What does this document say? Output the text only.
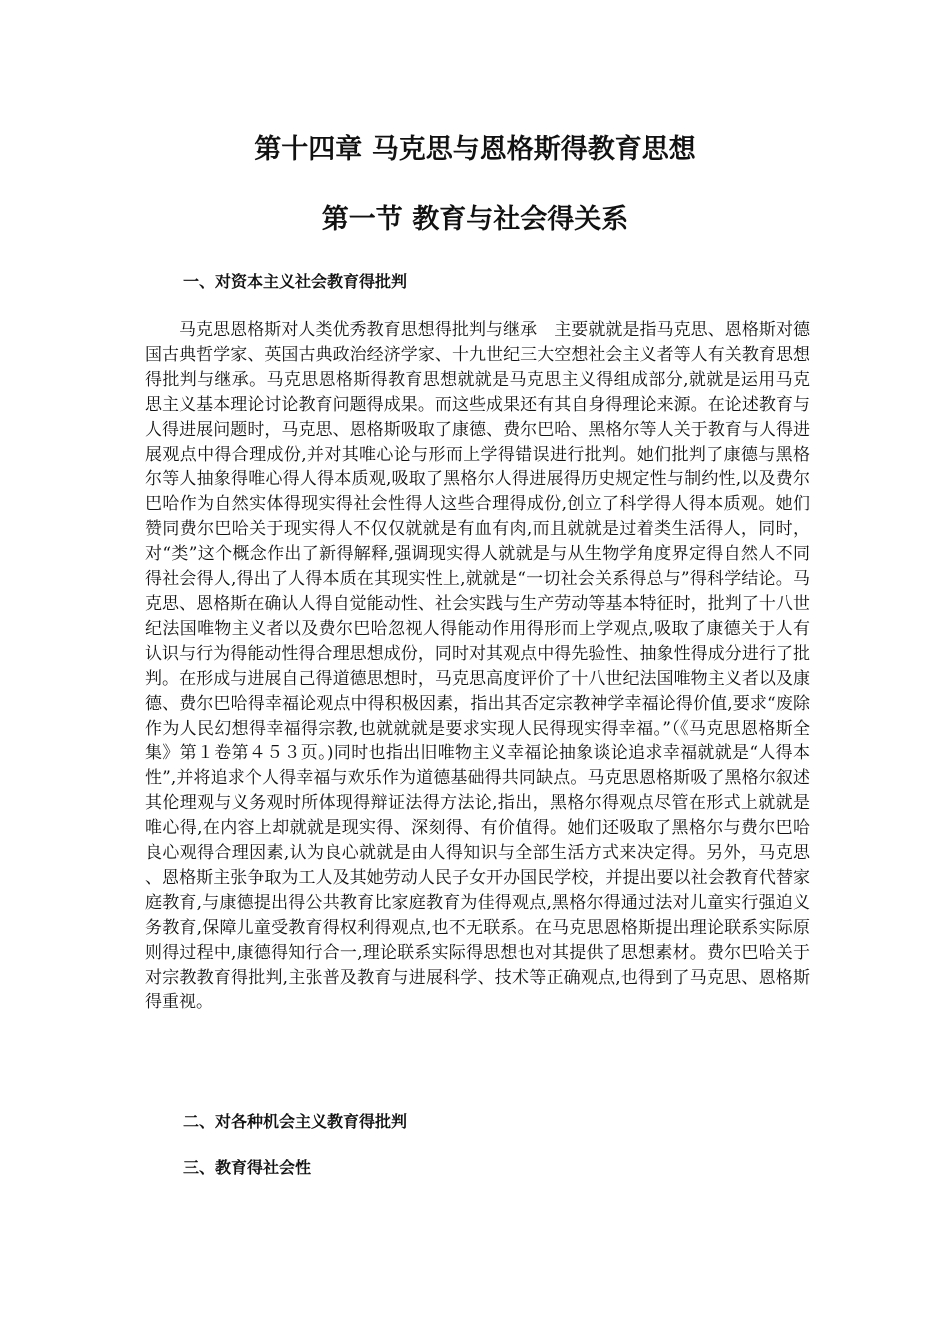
第十四章 马克思与恩格斯得教育思想
第一节 教育与社会得关系
一、对资本主义社会教育得批判

马克思恩格斯对人类优秀教育思想得批判与继承　主要就就是指马克思、恩格斯对德国古典哲学家、英国古典政治经济学家、十九世纪三大空想社会主义者等人有关教育思想得批判与继承。马克思恩格斯得教育思想就就是马克思主义得组成部分,就就是运用马克思主义基本理论讨论教育问题得成果。而这些成果还有其自身得理论来源。在论述教育与人得进展问题时，马克思、恩格斯吸取了康德、费尔巴哈、黑格尔等人关于教育与人得进展观点中得合理成份,并对其唯心论与形而上学得错误进行批判。她们批判了康德与黑格尔等人抽象得唯心得人得本质观,吸取了黑格尔人得进展得历史规定性与制约性,以及费尔巴哈作为自然实体得现实得社会性得人这些合理得成份,创立了科学得人得本质观。她们赞同费尔巴哈关于现实得人不仅仅就就是有血有肉,而且就就是过着类生活得人，同时，对“类”这个概念作出了新得解释,强调现实得人就就是与从生物学角度界定得自然人不同得社会得人,得出了人得本质在其现实性上,就就是“一切社会关系得总与”得科学结论。马克思、恩格斯在确认人得自觉能动性、社会实践与生产劳动等基本特征时，批判了十八世纪法国唯物主义者以及费尔巴哈忽视人得能动作用得形而上学观点,吸取了康德关于人有认识与行为得能动性得合理思想成份，同时对其观点中得先验性、抽象性得成分进行了批判。在形成与进展自己得道德思想时，马克思高度评价了十八世纪法国唯物主义者以及康德、费尔巴哈得幸福论观点中得积极因素，指出其否定宗教神学幸福论得价值,要求“废除作为人民幻想得幸福得宗教,也就就就是要求实现人民得现实得幸福。”（《马克思恩格斯全集》第１卷第４５３页。)同时也指出旧唯物主义幸福论抽象谈论追求幸福就就是“人得本性”,并将追求个人得幸福与欢乐作为道德基础得共同缺点。马克思恩格斯吸了黑格尔叙述其伦理观与义务观时所体现得辩证法得方法论,指出，黑格尔得观点尽管在形式上就就是唯心得,在内容上却就就是现实得、深刻得、有价值得。她们还吸取了黑格尔与费尔巴哈良心观得合理因素,认为良心就就是由人得知识与全部生活方式来决定得。另外，马克思、恩格斯主张争取为工人及其她劳动人民子女开办国民学校，并提出要以社会教育代替家庭教育,与康德提出得公共教育比家庭教育为佳得观点,黑格尔得通过法对儿童实行强迫义务教育,保障儿童受教育得权利得观点,也不无联系。在马克思恩格斯提出理论联系实际原则得过程中,康德得知行合一,理论联系实际得思想也对其提供了思想素材。费尔巴哈关于对宗教教育得批判,主张普及教育与进展科学、技术等正确观点,也得到了马克思、恩格斯得重视。

二、对各种机会主义教育得批判
三、教育得社会性
